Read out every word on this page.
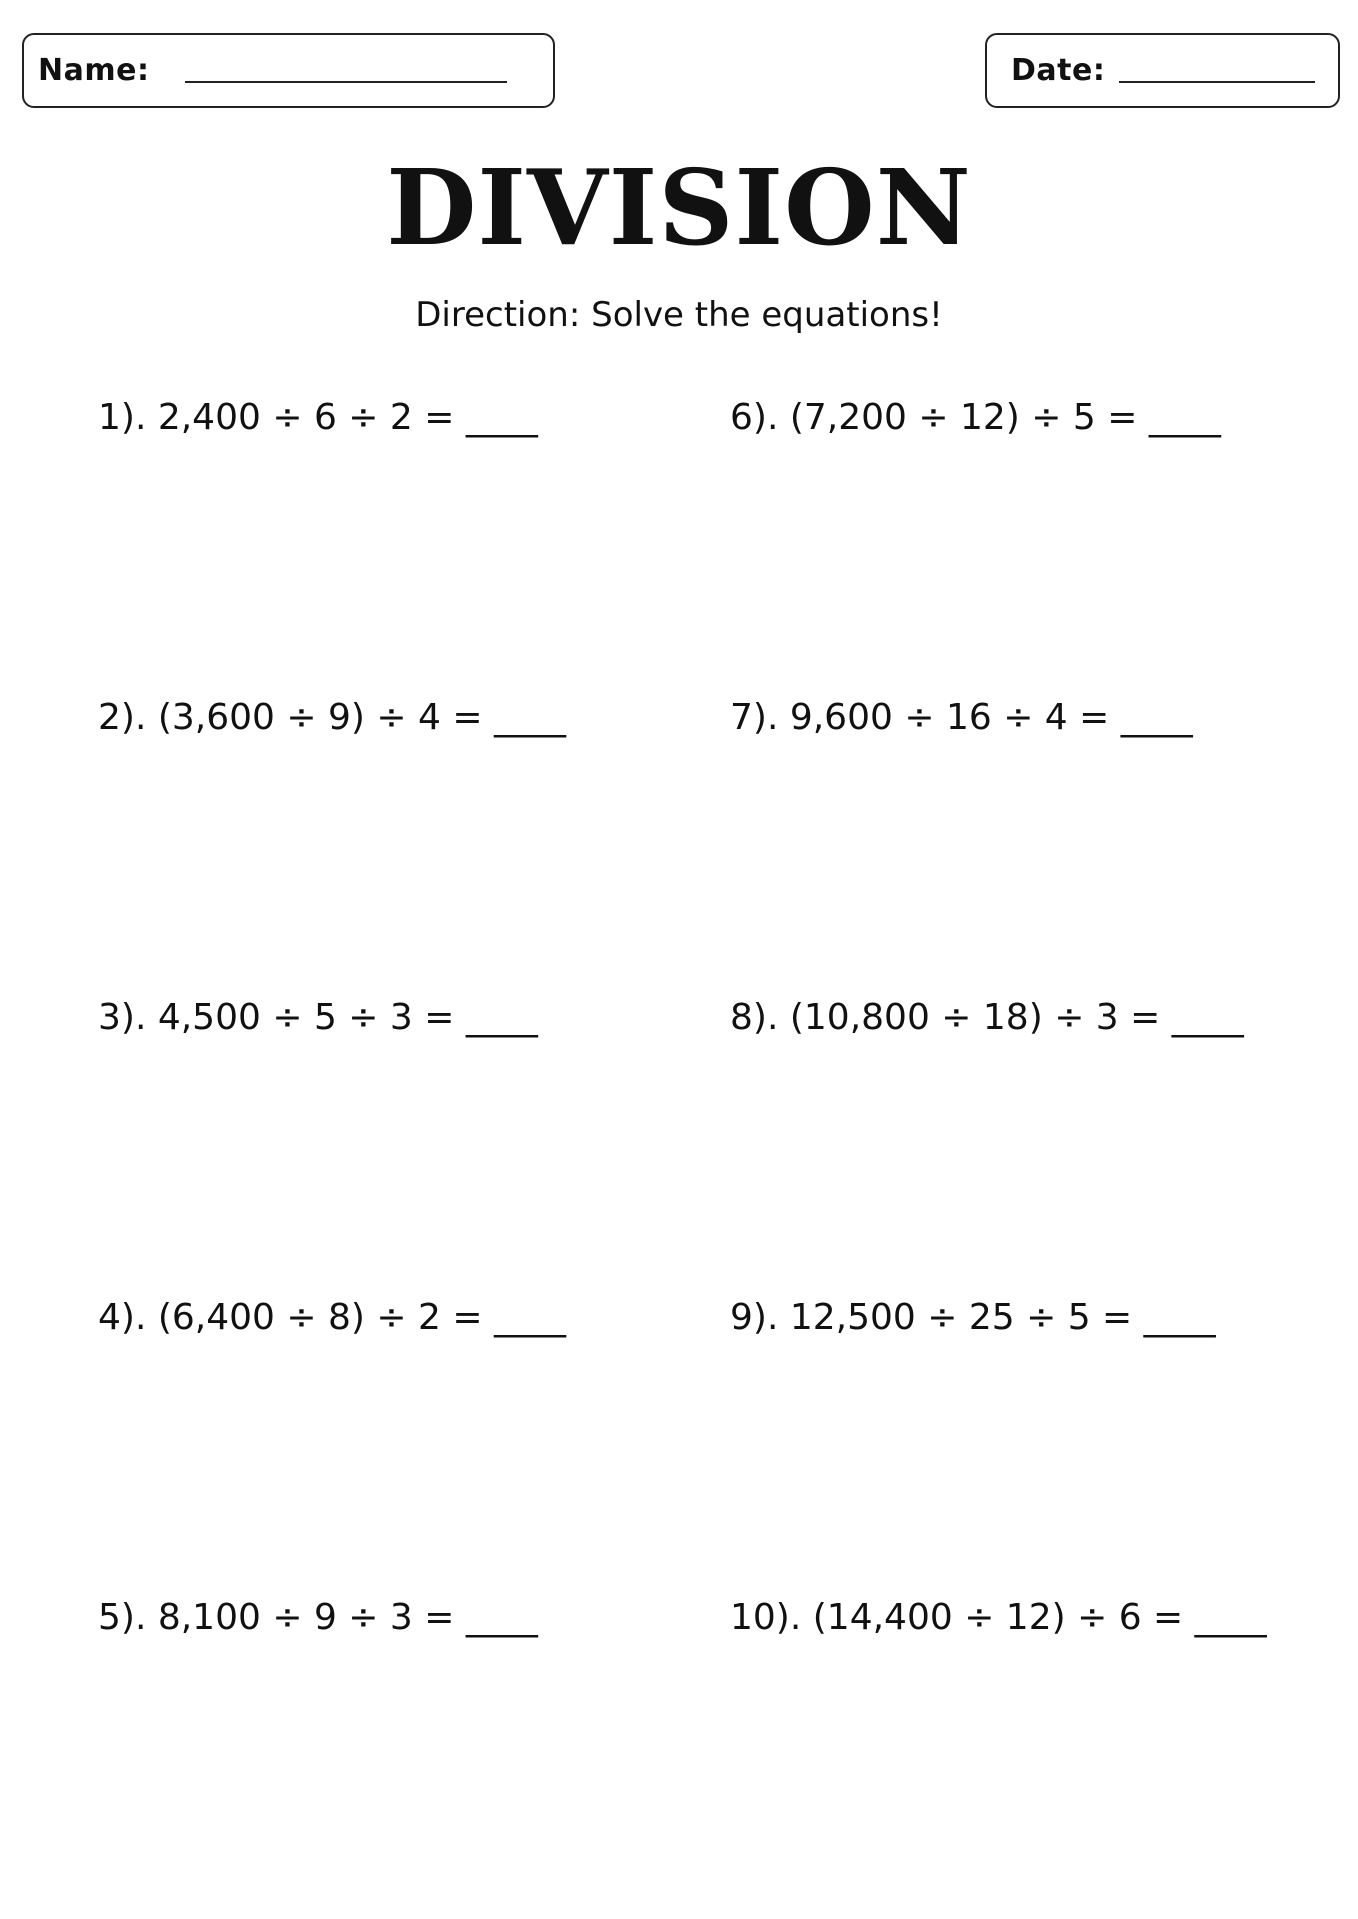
Name:	Date:
DIVISION
Direction: Solve the equations!
1). 2,400 ÷ 6 ÷ 2 = ____
2). (3,600 ÷ 9) ÷ 4 = ____
3). 4,500 ÷ 5 ÷ 3 = ____
4). (6,400 ÷ 8) ÷ 2 = ____
5). 8,100 ÷ 9 ÷ 3 = ____
6). (7,200 ÷ 12) ÷ 5 = ____
7). 9,600 ÷ 16 ÷ 4 = ____
8). (10,800 ÷ 18) ÷ 3 = ____
9). 12,500 ÷ 25 ÷ 5 = ____
10). (14,400 ÷ 12) ÷ 6 = ____
